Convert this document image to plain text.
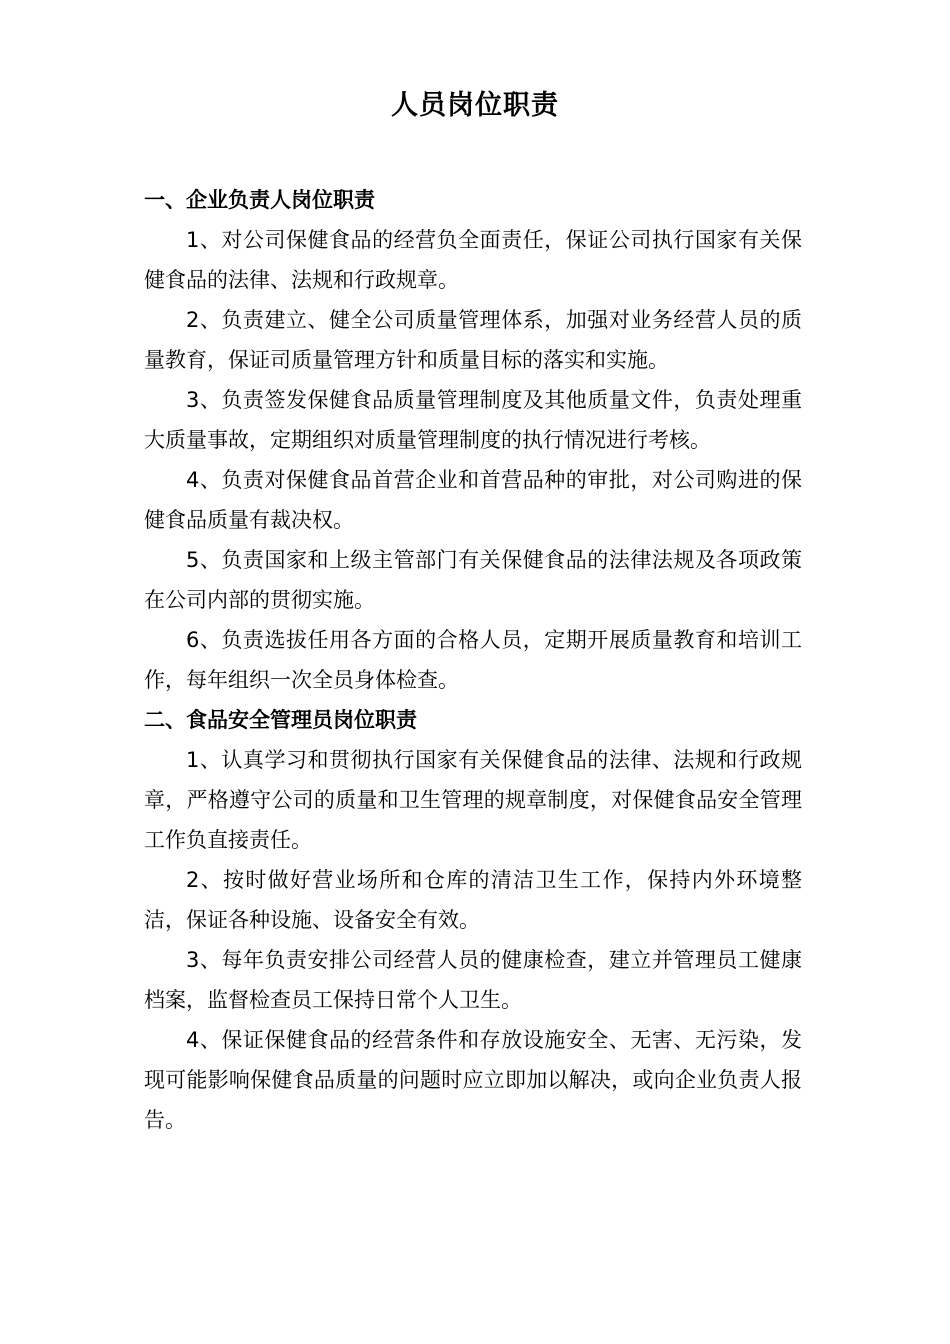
人员岗位职责
一、企业负责人岗位职责

1、对公司保健食品的经营负全面责任，保证公司执行国家有关保健食品的法律、法规和行政规章。

2、负责建立、健全公司质量管理体系，加强对业务经营人员的质量教育，保证司质量管理方针和质量目标的落实和实施。

3、负责签发保健食品质量管理制度及其他质量文件，负责处理重大质量事故，定期组织对质量管理制度的执行情况进行考核。

4、负责对保健食品首营企业和首营品种的审批，对公司购进的保健食品质量有裁决权。

5、负责国家和上级主管部门有关保健食品的法律法规及各项政策在公司内部的贯彻实施。

6、负责选拔任用各方面的合格人员，定期开展质量教育和培训工作，每年组织一次全员身体检查。

二、食品安全管理员岗位职责

1、认真学习和贯彻执行国家有关保健食品的法律、法规和行政规章，严格遵守公司的质量和卫生管理的规章制度，对保健食品安全管理工作负直接责任。

2、按时做好营业场所和仓库的清洁卫生工作，保持内外环境整洁，保证各种设施、设备安全有效。

3、每年负责安排公司经营人员的健康检查，建立并管理员工健康档案，监督检查员工保持日常个人卫生。

4、保证保健食品的经营条件和存放设施安全、无害、无污染，发现可能影响保健食品质量的问题时应立即加以解决，或向企业负责人报告。
